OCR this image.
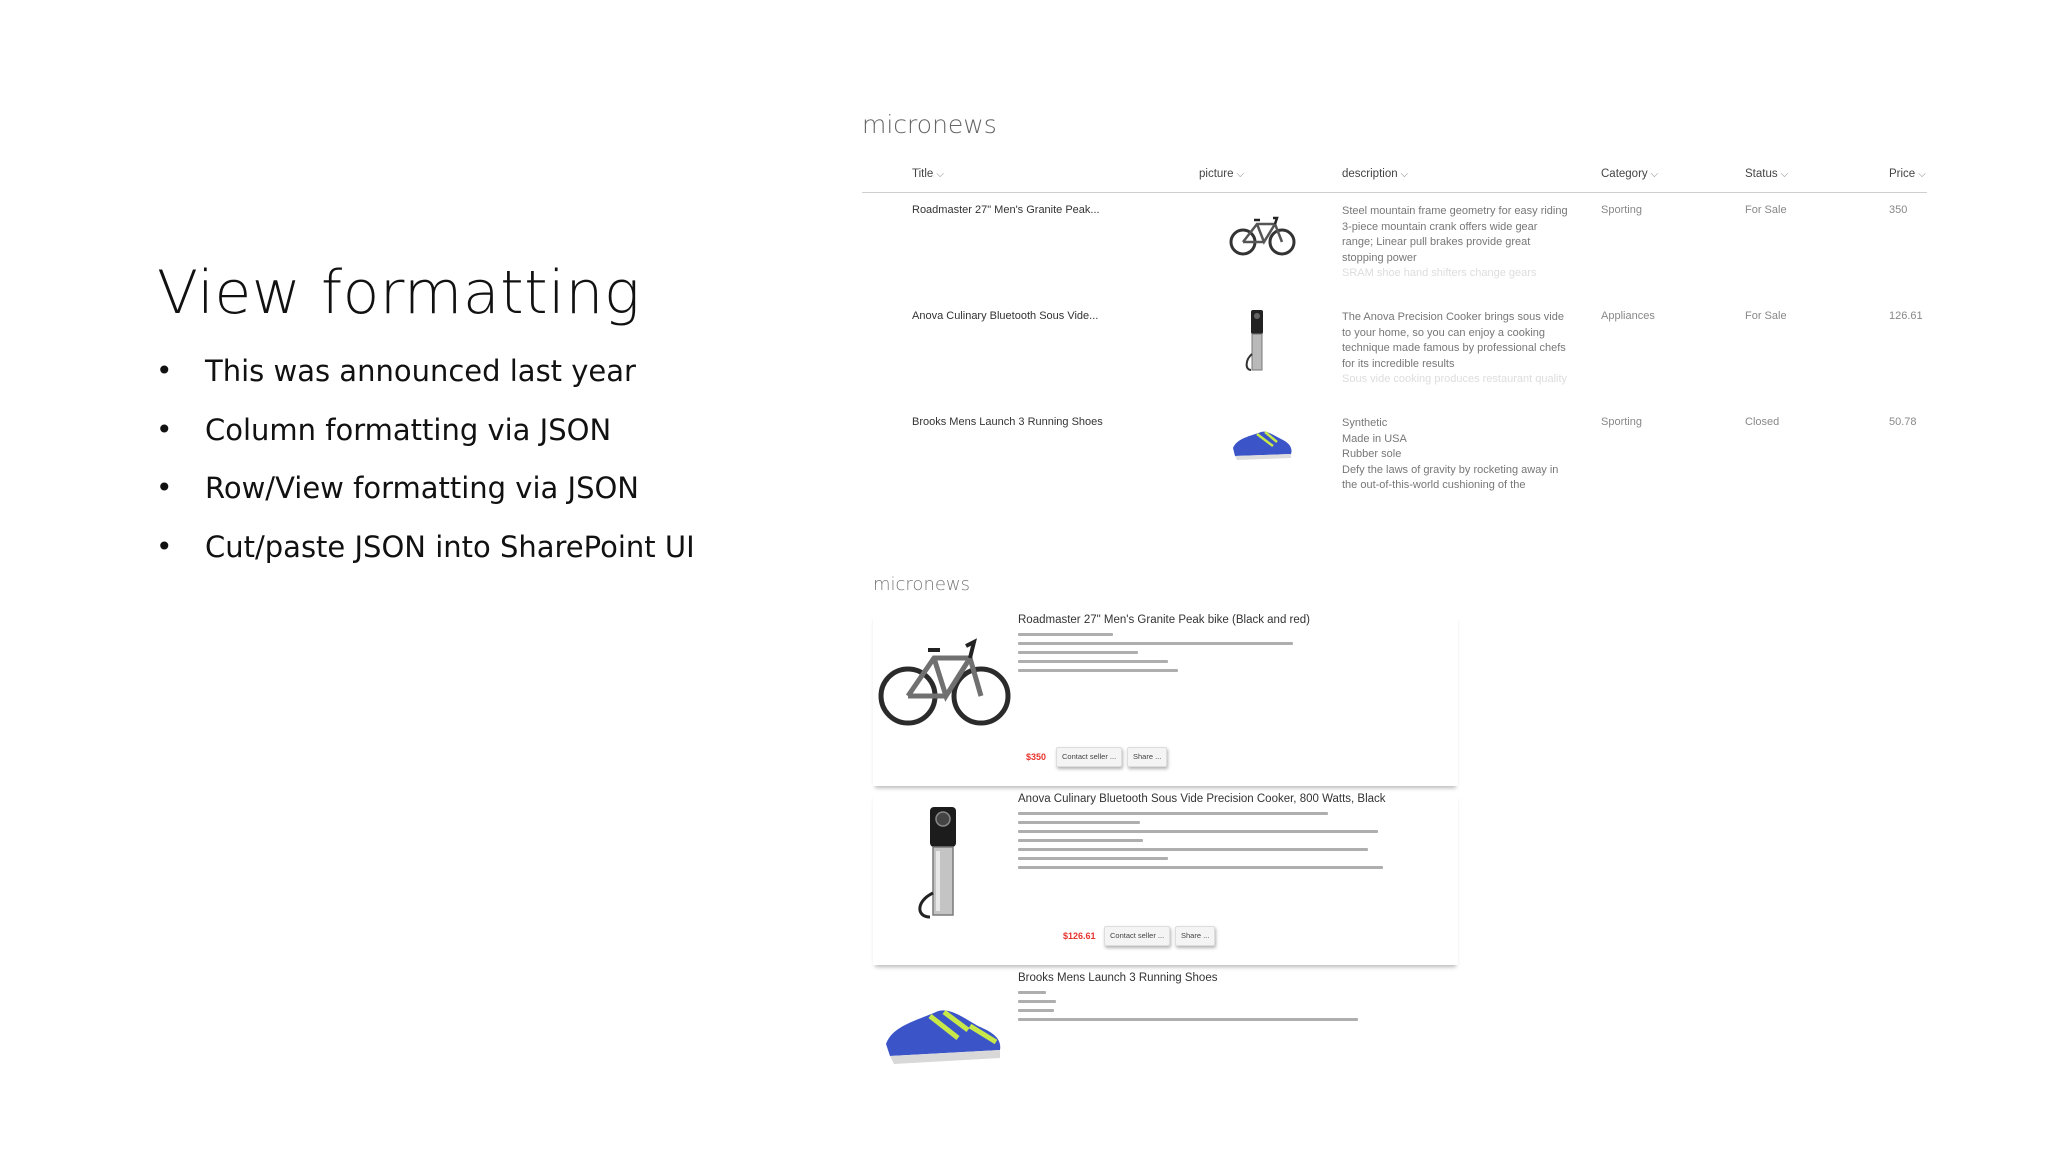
View formatting
• This was announced last year
• Column formatting via JSON
• Row/View formatting via JSON
• Cut/paste JSON into SharePoint UI
micronews
Title ⌵	picture ⌵	description ⌵	Category ⌵	Status ⌵	Price ⌵
Roadmaster 27" Men's Granite Peak...	Steel mountain frame geometry for easy riding
3-piece mountain crank offers wide gear
range; Linear pull brakes provide great
stopping power
SRAM shoe hand shifters change gears
Sporting	For Sale	350
Anova Culinary Bluetooth Sous Vide...	The Anova Precision Cooker brings sous vide
to your home, so you can enjoy a cooking
technique made famous by professional chefs
for its incredible results
Sous vide cooking produces restaurant quality
Appliances	For Sale	126.61
Brooks Mens Launch 3 Running Shoes	Synthetic
Made in USA
Rubber sole
Defy the laws of gravity by rocketing away in
the out-of-this-world cushioning of the
Sporting	Closed	50.78
micronews
Roadmaster 27" Men's Granite Peak bike (Black and red)
$350	Contact seller ...	Share ...
Anova Culinary Bluetooth Sous Vide Precision Cooker, 800 Watts, Black
$126.61	Contact seller ...	Share ...
Brooks Mens Launch 3 Running Shoes
